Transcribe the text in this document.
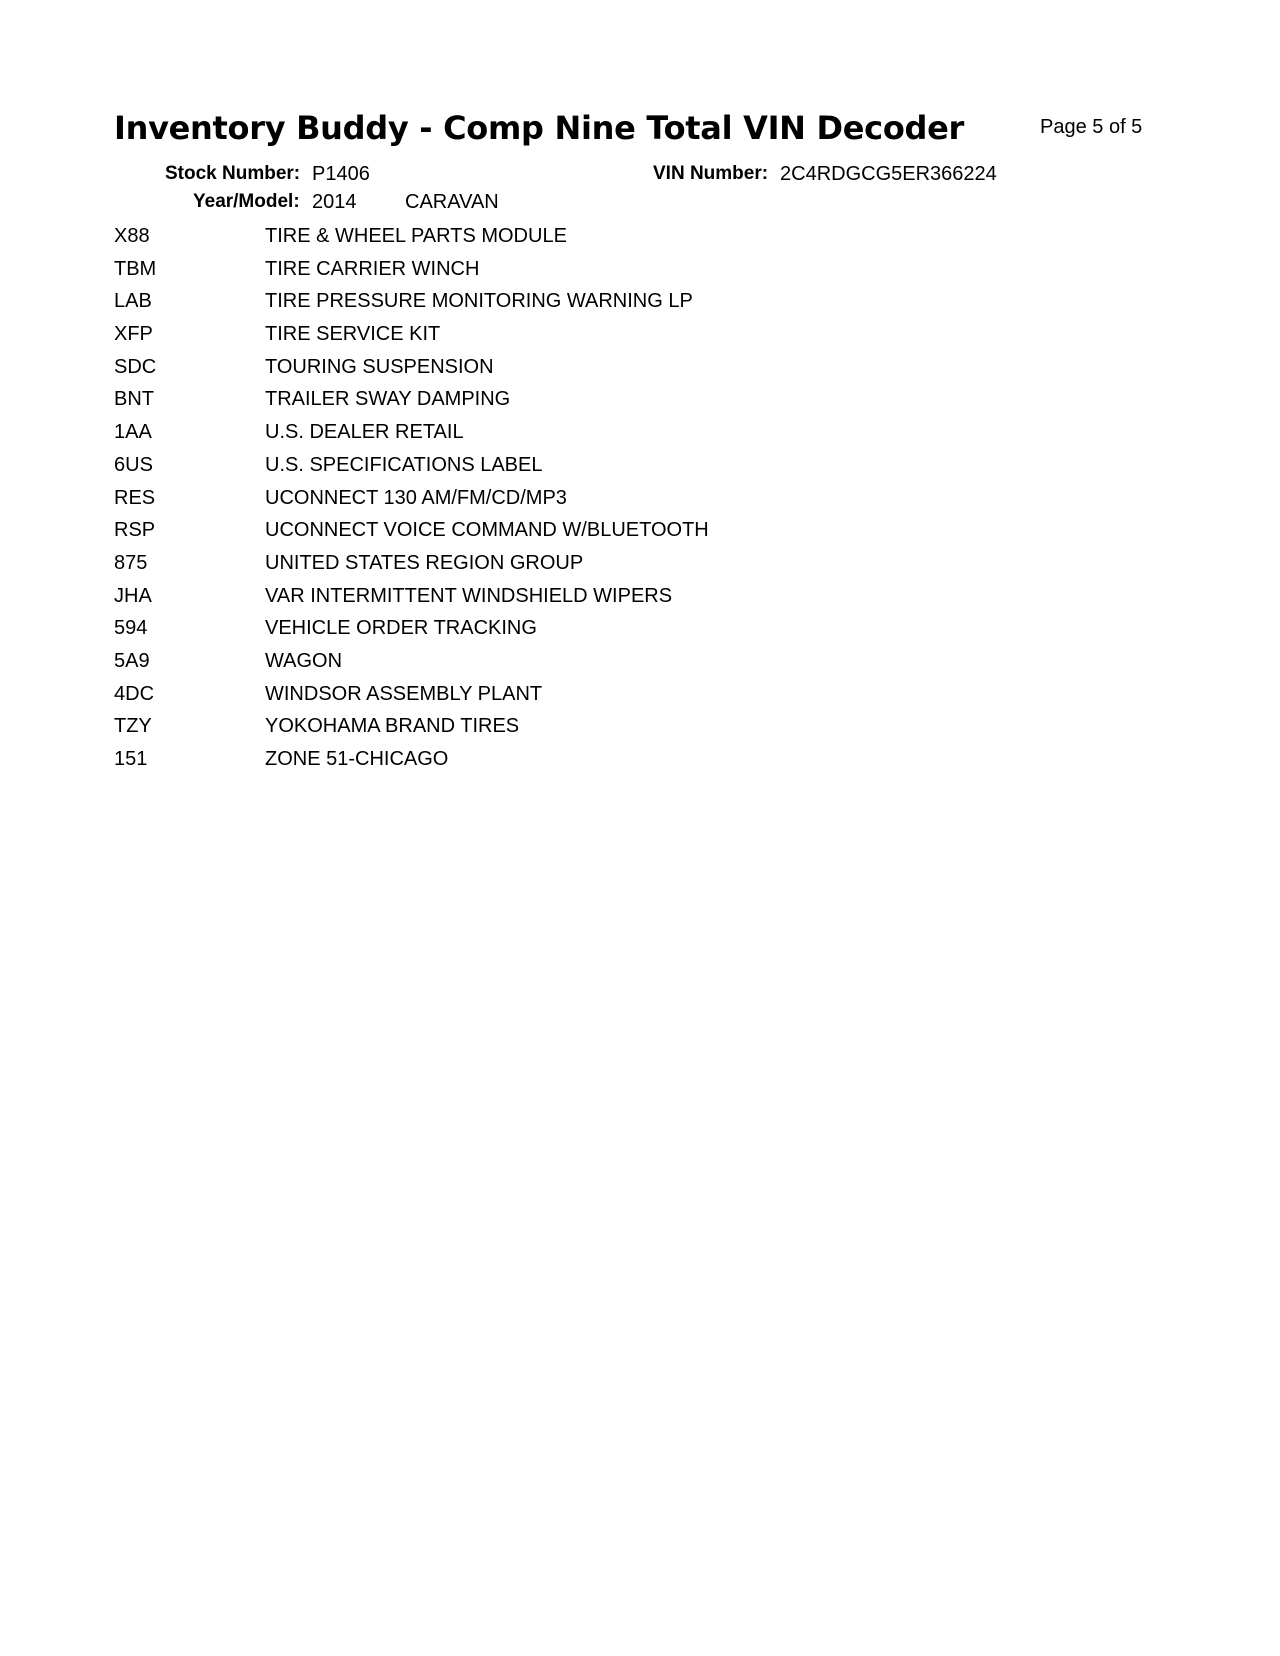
Inventory Buddy - Comp Nine Total VIN Decoder	Page 5 of 5
Stock Number: P1406	VIN Number: 2C4RDGCG5ER366224
Year/Model: 2014 CARAVAN
X88	TIRE & WHEEL PARTS MODULE
TBM	TIRE CARRIER WINCH
LAB	TIRE PRESSURE MONITORING WARNING LP
XFP	TIRE SERVICE KIT
SDC	TOURING SUSPENSION
BNT	TRAILER SWAY DAMPING
1AA	U.S. DEALER RETAIL
6US	U.S. SPECIFICATIONS LABEL
RES	UCONNECT 130 AM/FM/CD/MP3
RSP	UCONNECT VOICE COMMAND W/BLUETOOTH
875	UNITED STATES REGION GROUP
JHA	VAR INTERMITTENT WINDSHIELD WIPERS
594	VEHICLE ORDER TRACKING
5A9	WAGON
4DC	WINDSOR ASSEMBLY PLANT
TZY	YOKOHAMA BRAND TIRES
151	ZONE 51-CHICAGO
